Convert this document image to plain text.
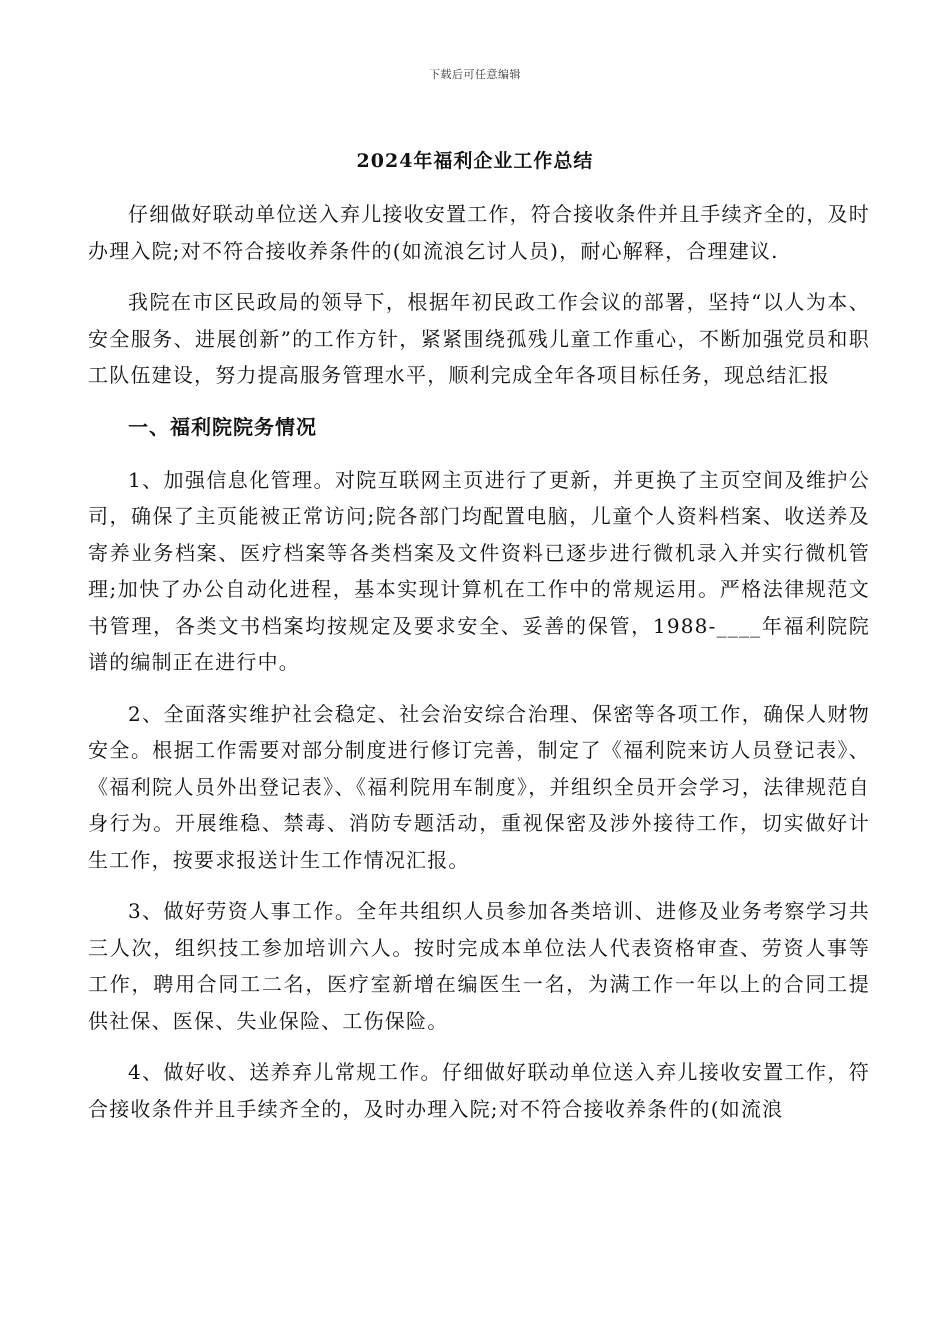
下载后可任意编辑
2024年福利企业工作总结

仔细做好联动单位送入弃儿接收安置工作，符合接收条件并且手续齐全的，及时办理入院;对不符合接收养条件的(如流浪乞讨人员)，耐心解释，合理建议.

我院在市区民政局的领导下，根据年初民政工作会议的部署，坚持“以人为本、安全服务、进展创新”的工作方针，紧紧围绕孤残儿童工作重心，不断加强党员和职工队伍建设，努力提高服务管理水平，顺利完成全年各项目标任务，现总结汇报

一、福利院院务情况

1、加强信息化管理。对院互联网主页进行了更新，并更换了主页空间及维护公司，确保了主页能被正常访问;院各部门均配置电脑，儿童个人资料档案、收送养及寄养业务档案、医疗档案等各类档案及文件资料已逐步进行微机录入并实行微机管理;加快了办公自动化进程，基本实现计算机在工作中的常规运用。严格法律规范文书管理，各类文书档案均按规定及要求安全、妥善的保管，1988-____年福利院院谱的编制正在进行中。

2、全面落实维护社会稳定、社会治安综合治理、保密等各项工作，确保人财物安全。根据工作需要对部分制度进行修订完善，制定了《福利院来访人员登记表》、《福利院人员外出登记表》、《福利院用车制度》，并组织全员开会学习，法律规范自身行为。开展维稳、禁毒、消防专题活动，重视保密及涉外接待工作，切实做好计生工作，按要求报送计生工作情况汇报。

3、做好劳资人事工作。全年共组织人员参加各类培训、进修及业务考察学习共三人次，组织技工参加培训六人。按时完成本单位法人代表资格审查、劳资人事等工作，聘用合同工二名，医疗室新增在编医生一名，为满工作一年以上的合同工提供社保、医保、失业保险、工伤保险。

4、做好收、送养弃儿常规工作。仔细做好联动单位送入弃儿接收安置工作，符合接收条件并且手续齐全的，及时办理入院;对不符合接收养条件的(如流浪
